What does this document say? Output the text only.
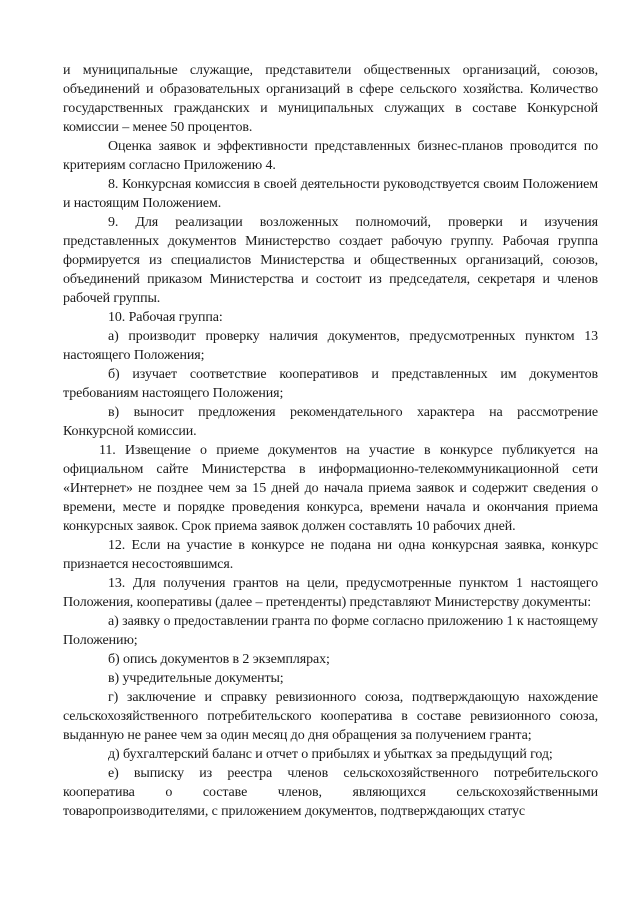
и муниципальные служащие, представители общественных организаций, союзов, объединений и образовательных организаций в сфере сельского хозяйства. Количество государственных гражданских и муниципальных служащих в составе Конкурсной комиссии – менее 50 процентов.

Оценка заявок и эффективности представленных бизнес-планов проводится по критериям согласно Приложению 4.

8. Конкурсная комиссия в своей деятельности руководствуется своим Положением и настоящим Положением.

9. Для реализации возложенных полномочий, проверки и изучения представленных документов Министерство создает рабочую группу. Рабочая группа формируется из специалистов Министерства и общественных организаций, союзов, объединений приказом Министерства и состоит из председателя, секретаря и членов рабочей группы.

10. Рабочая группа:

а) производит проверку наличия документов, предусмотренных пунктом 13 настоящего Положения;

б) изучает соответствие кооперативов и представленных им документов требованиям настоящего Положения;

в) выносит предложения рекомендательного характера на рассмотрение Конкурсной комиссии.

11. Извещение о приеме документов на участие в конкурсе публикуется на официальном сайте Министерства в информационно-телекоммуникационной сети «Интернет» не позднее чем за 15 дней до начала приема заявок и содержит сведения о времени, месте и порядке проведения конкурса, времени начала и окончания приема конкурсных заявок. Срок приема заявок должен составлять 10 рабочих дней.

12. Если на участие в конкурсе не подана ни одна конкурсная заявка, конкурс признается несостоявшимся.

13. Для получения грантов на цели, предусмотренные пунктом 1 настоящего Положения, кооперативы (далее – претенденты) представляют Министерству документы:

а) заявку о предоставлении гранта по форме согласно приложению 1 к настоящему Положению;

б) опись документов в 2 экземплярах;

в) учредительные документы;

г) заключение и справку ревизионного союза, подтверждающую нахождение сельскохозяйственного потребительского кооператива в составе ревизионного союза, выданную не ранее чем за один месяц до дня обращения за получением гранта;

д) бухгалтерский баланс и отчет о прибылях и убытках за предыдущий год;

е) выписку из реестра членов сельскохозяйственного потребительского кооператива о составе членов, являющихся сельскохозяйственными товаропроизводителями, с приложением документов, подтверждающих статус
